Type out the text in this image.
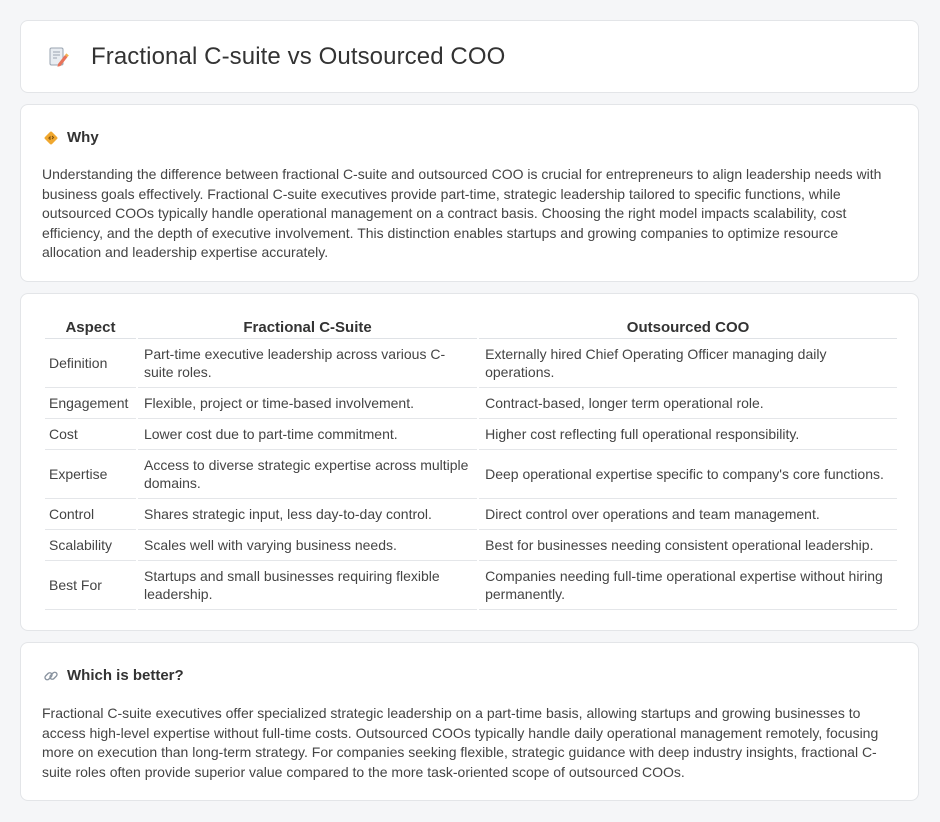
Fractional C-suite vs Outsourced COO
Why

Understanding the difference between fractional C-suite and outsourced COO is crucial for entrepreneurs to align leadership needs with business goals effectively. Fractional C-suite executives provide part-time, strategic leadership tailored to specific functions, while outsourced COOs typically handle operational management on a contract basis. Choosing the right model impacts scalability, cost efficiency, and the depth of executive involvement. This distinction enables startups and growing companies to optimize resource allocation and leadership expertise accurately.

Aspect	Fractional C-Suite	Outsourced COO
Definition	Part-time executive leadership across various C-suite roles.	Externally hired Chief Operating Officer managing daily operations.
Engagement	Flexible, project or time-based involvement.	Contract-based, longer term operational role.
Cost	Lower cost due to part-time commitment.	Higher cost reflecting full operational responsibility.
Expertise	Access to diverse strategic expertise across multiple domains.	Deep operational expertise specific to company's core functions.
Control	Shares strategic input, less day-to-day control.	Direct control over operations and team management.
Scalability	Scales well with varying business needs.	Best for businesses needing consistent operational leadership.
Best For	Startups and small businesses requiring flexible leadership.	Companies needing full-time operational expertise without hiring permanently.
Which is better?

Fractional C-suite executives offer specialized strategic leadership on a part-time basis, allowing startups and growing businesses to access high-level expertise without full-time costs. Outsourced COOs typically handle daily operational management remotely, focusing more on execution than long-term strategy. For companies seeking flexible, strategic guidance with deep industry insights, fractional C-suite roles often provide superior value compared to the more task-oriented scope of outsourced COOs.
